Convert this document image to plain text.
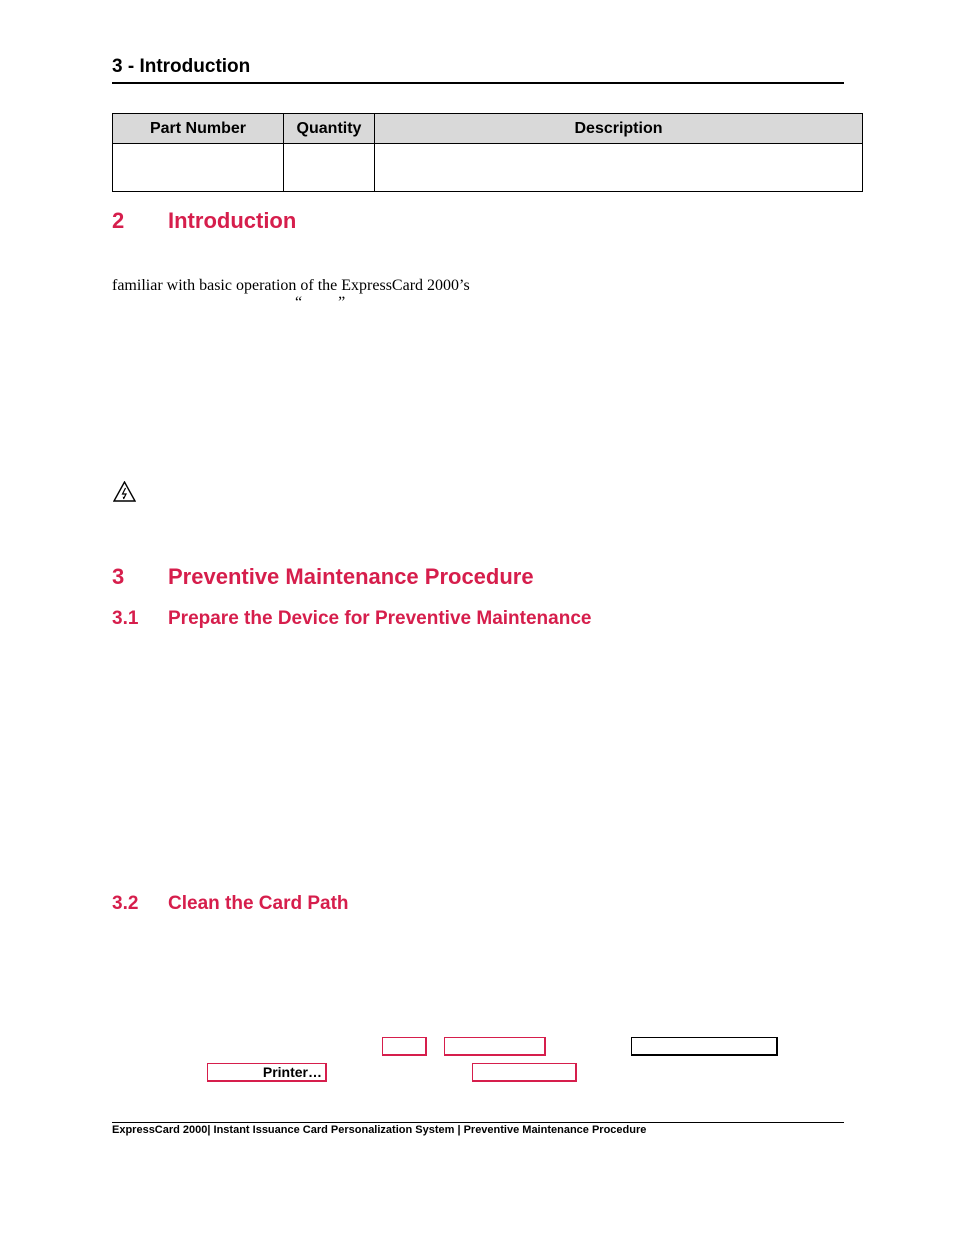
3 - Introduction
Part Number	Quantity	Description

2 Introduction
familiar with basic operation of the ExpressCard 2000’s
“         ”
3 Preventive Maintenance Procedure
3.1 Prepare the Device for Preventive Maintenance
3.2 Clean the Card Path
Printer…
ExpressCard 2000| Instant Issuance Card Personalization System | Preventive Maintenance Procedure
